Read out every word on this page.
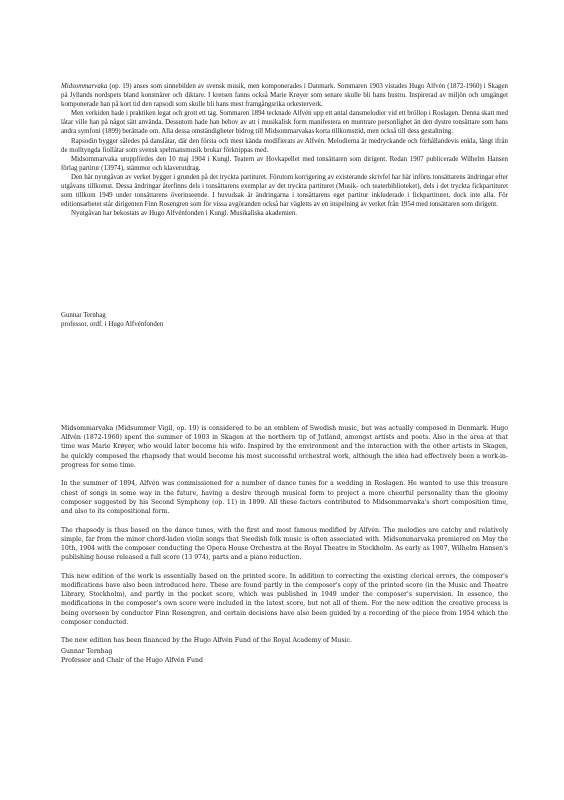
Midsommarvaka (op. 19) anses som sinnebilden av svensk musik, men komponerades i Danmark. Sommaren 1903 vistades Hugo Alfvén (1872-1960) i Skagen på Jyllands nordspets bland konstnärer och diktare. I kretsen fanns också Marie Krøyer som senare skulle bli hans hustru. Inspirerad av miljön och umgänget komponerade han på kort tid den rapsodi som skulle bli hans mest framgångsrika orkesterverk.

Men verkiden hade i praktiken legat och grott ett tag. Sommaren 1894 tecknade Alfvén upp ett antal dansmelodier vid ett bröllop i Roslagen. Denna skatt med låtar ville han på något sätt använda. Dessutom hade han behov av att i musikalisk form manifestera en muntrare personlighet än den dystre tonsättare som hans andra symfoni (1899) berättade om. Alla dessa omständigheter bidrog till Midsommarvakas korta tillkomsttid, men också till dess gestaltning.

Rapsodin bygger således på danslåtar, där den första och mest kända modifierats av Alfvén. Melodierna är medryckande och förhållandevis enkla, långt ifrån de molltyngda fiollåtar som svensk spelmansmusik brukar förknippas med.

Midsommarvaka uruppfördes den 10 maj 1904 i Kungl. Teatern av Hovkapellet med tonsättaren som dirigent. Redan 1907 publicerade Wilhelm Hansen förlag partitur (13974), stämmor och klaverutdrag.

Den här nyutgåvan av verket bygger i grunden på det tryckta partituret. Förutom korrigering av existerande skrivfel har här införts tonsättarens ändringar efter utgåvans tillkomst. Dessa ändringar återfinns dels i tonsättarens exemplar av det tryckta partituret (Musik- och teaterbiblioteket), dels i det tryckta fickpartituret som tillkom 1949 under tonsättarens överinseende. I huvudsak är ändringarna i tonsättarens eget partitur inkluderade i fickpartituret, dock inte alla. För editionsarbetet står dirigenten Finn Rosengren som för vissa avgöranden också har vägletts av en inspelning av verket från 1954 med tonsättaren som dirigent.

Nyutgåvan har bekostats av Hugo Alfvénfonden i Kungl. Musikaliska akademien.

Gunnar Ternhag
professor, ordf. i Hugo Alfvénfonden

Midsommarvaka (Midsummer Vigil, op. 19) is considered to be an emblem of Swedish music, but was actually composed in Denmark. Hugo Alfvén (1872-1960) spent the summer of 1903 in Skagen at the northern tip of Jutland, amongst artists and poets. Also in the area at that time was Marie Krøyer, who would later become his wife. Inspired by the environment and the interaction with the other artists in Skagen, he quickly composed the rhapsody that would become his most successful orchestral work, although the idea had effectively been a work-in-progress for some time.

In the summer of 1894, Alfvén was commissioned for a number of dance tunes for a wedding in Roslagen. He wanted to use this treasure chest of songs in some way in the future, having a desire through musical form to project a more cheerful personality than the gloomy composer suggested by his Second Symphony (op. 11) in 1899. All these factors contributed to Midsommarvaka's short composition time, and also to its compositional form.

The rhapsody is thus based on the dance tunes, with the first and most famous modified by Alfvén. The melodies are catchy and relatively simple, far from the minor chord-laden violin songs that Swedish folk music is often associated with. Midsommarvaka premiered on May the 10th, 1904 with the composer conducting the Opera House Orchestra at the Royal Theatre in Stockholm. As early as 1907, Wilhelm Hansen's publishing house released a full score (13 974), parts and a piano reduction.

This new edition of the work is essentially based on the printed score. In addition to correcting the existing clerical errors, the composer's modifications have also been introduced here. These are found partly in the composer's copy of the printed score (in the Music and Theatre Library, Stockholm), and partly in the pocket score, which was published in 1949 under the composer's supervision. In essence, the modifications in the composer's own score were included in the latest score, but not all of them. For the new edition the creative process is being overseen by conductor Finn Rosengren, and certain decisions have also been guided by a recording of the piece from 1954 which the composer conducted.

The new edition has been financed by the Hugo Alfvén Fund of the Royal Academy of Music.

Gunnar Ternhag
Professor and Chair of the Hugo Alfvén Fund
